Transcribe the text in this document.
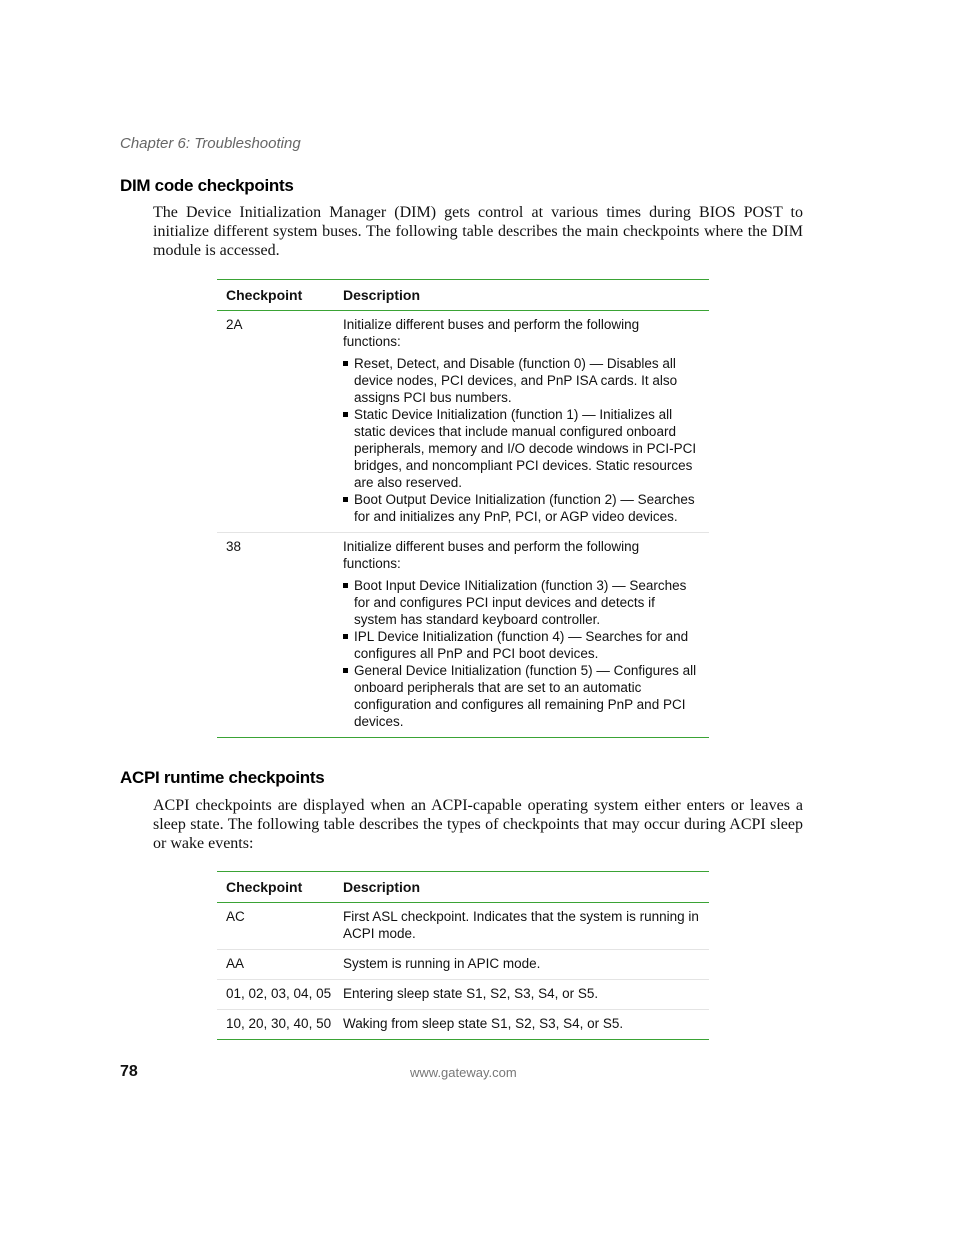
Chapter 6: Troubleshooting
DIM code checkpoints

The Device Initialization Manager (DIM) gets control at various times during BIOS POST to initialize different system buses. The following table describes the main checkpoints where the DIM module is accessed.

Checkpoint	Description
2A	Initialize different buses and perform the following functions:
Reset, Detect, and Disable (function 0) — Disables all device nodes, PCI devices, and PnP ISA cards. It also assigns PCI bus numbers.
Static Device Initialization (function 1) — Initializes all static devices that include manual configured onboard peripherals, memory and I/O decode windows in PCI-PCI bridges, and noncompliant PCI devices. Static resources are also reserved.
Boot Output Device Initialization (function 2) — Searches for and initializes any PnP, PCI, or AGP video devices.
38	Initialize different buses and perform the following functions:
Boot Input Device INitialization (function 3) — Searches for and configures PCI input devices and detects if system has standard keyboard controller.
IPL Device Initialization (function 4) — Searches for and configures all PnP and PCI boot devices.
General Device Initialization (function 5) — Configures all onboard peripherals that are set to an automatic configuration and configures all remaining PnP and PCI devices.
ACPI runtime checkpoints

ACPI checkpoints are displayed when an ACPI-capable operating system either enters or leaves a sleep state. The following table describes the types of checkpoints that may occur during ACPI sleep or wake events:

Checkpoint	Description
AC	First ASL checkpoint. Indicates that the system is running in ACPI mode.
AA	System is running in APIC mode.
01, 02, 03, 04, 05 Entering sleep state S1, S2, S3, S4, or S5.
10, 20, 30, 40, 50 Waking from sleep state S1, S2, S3, S4, or S5.
78	www.gateway.com
